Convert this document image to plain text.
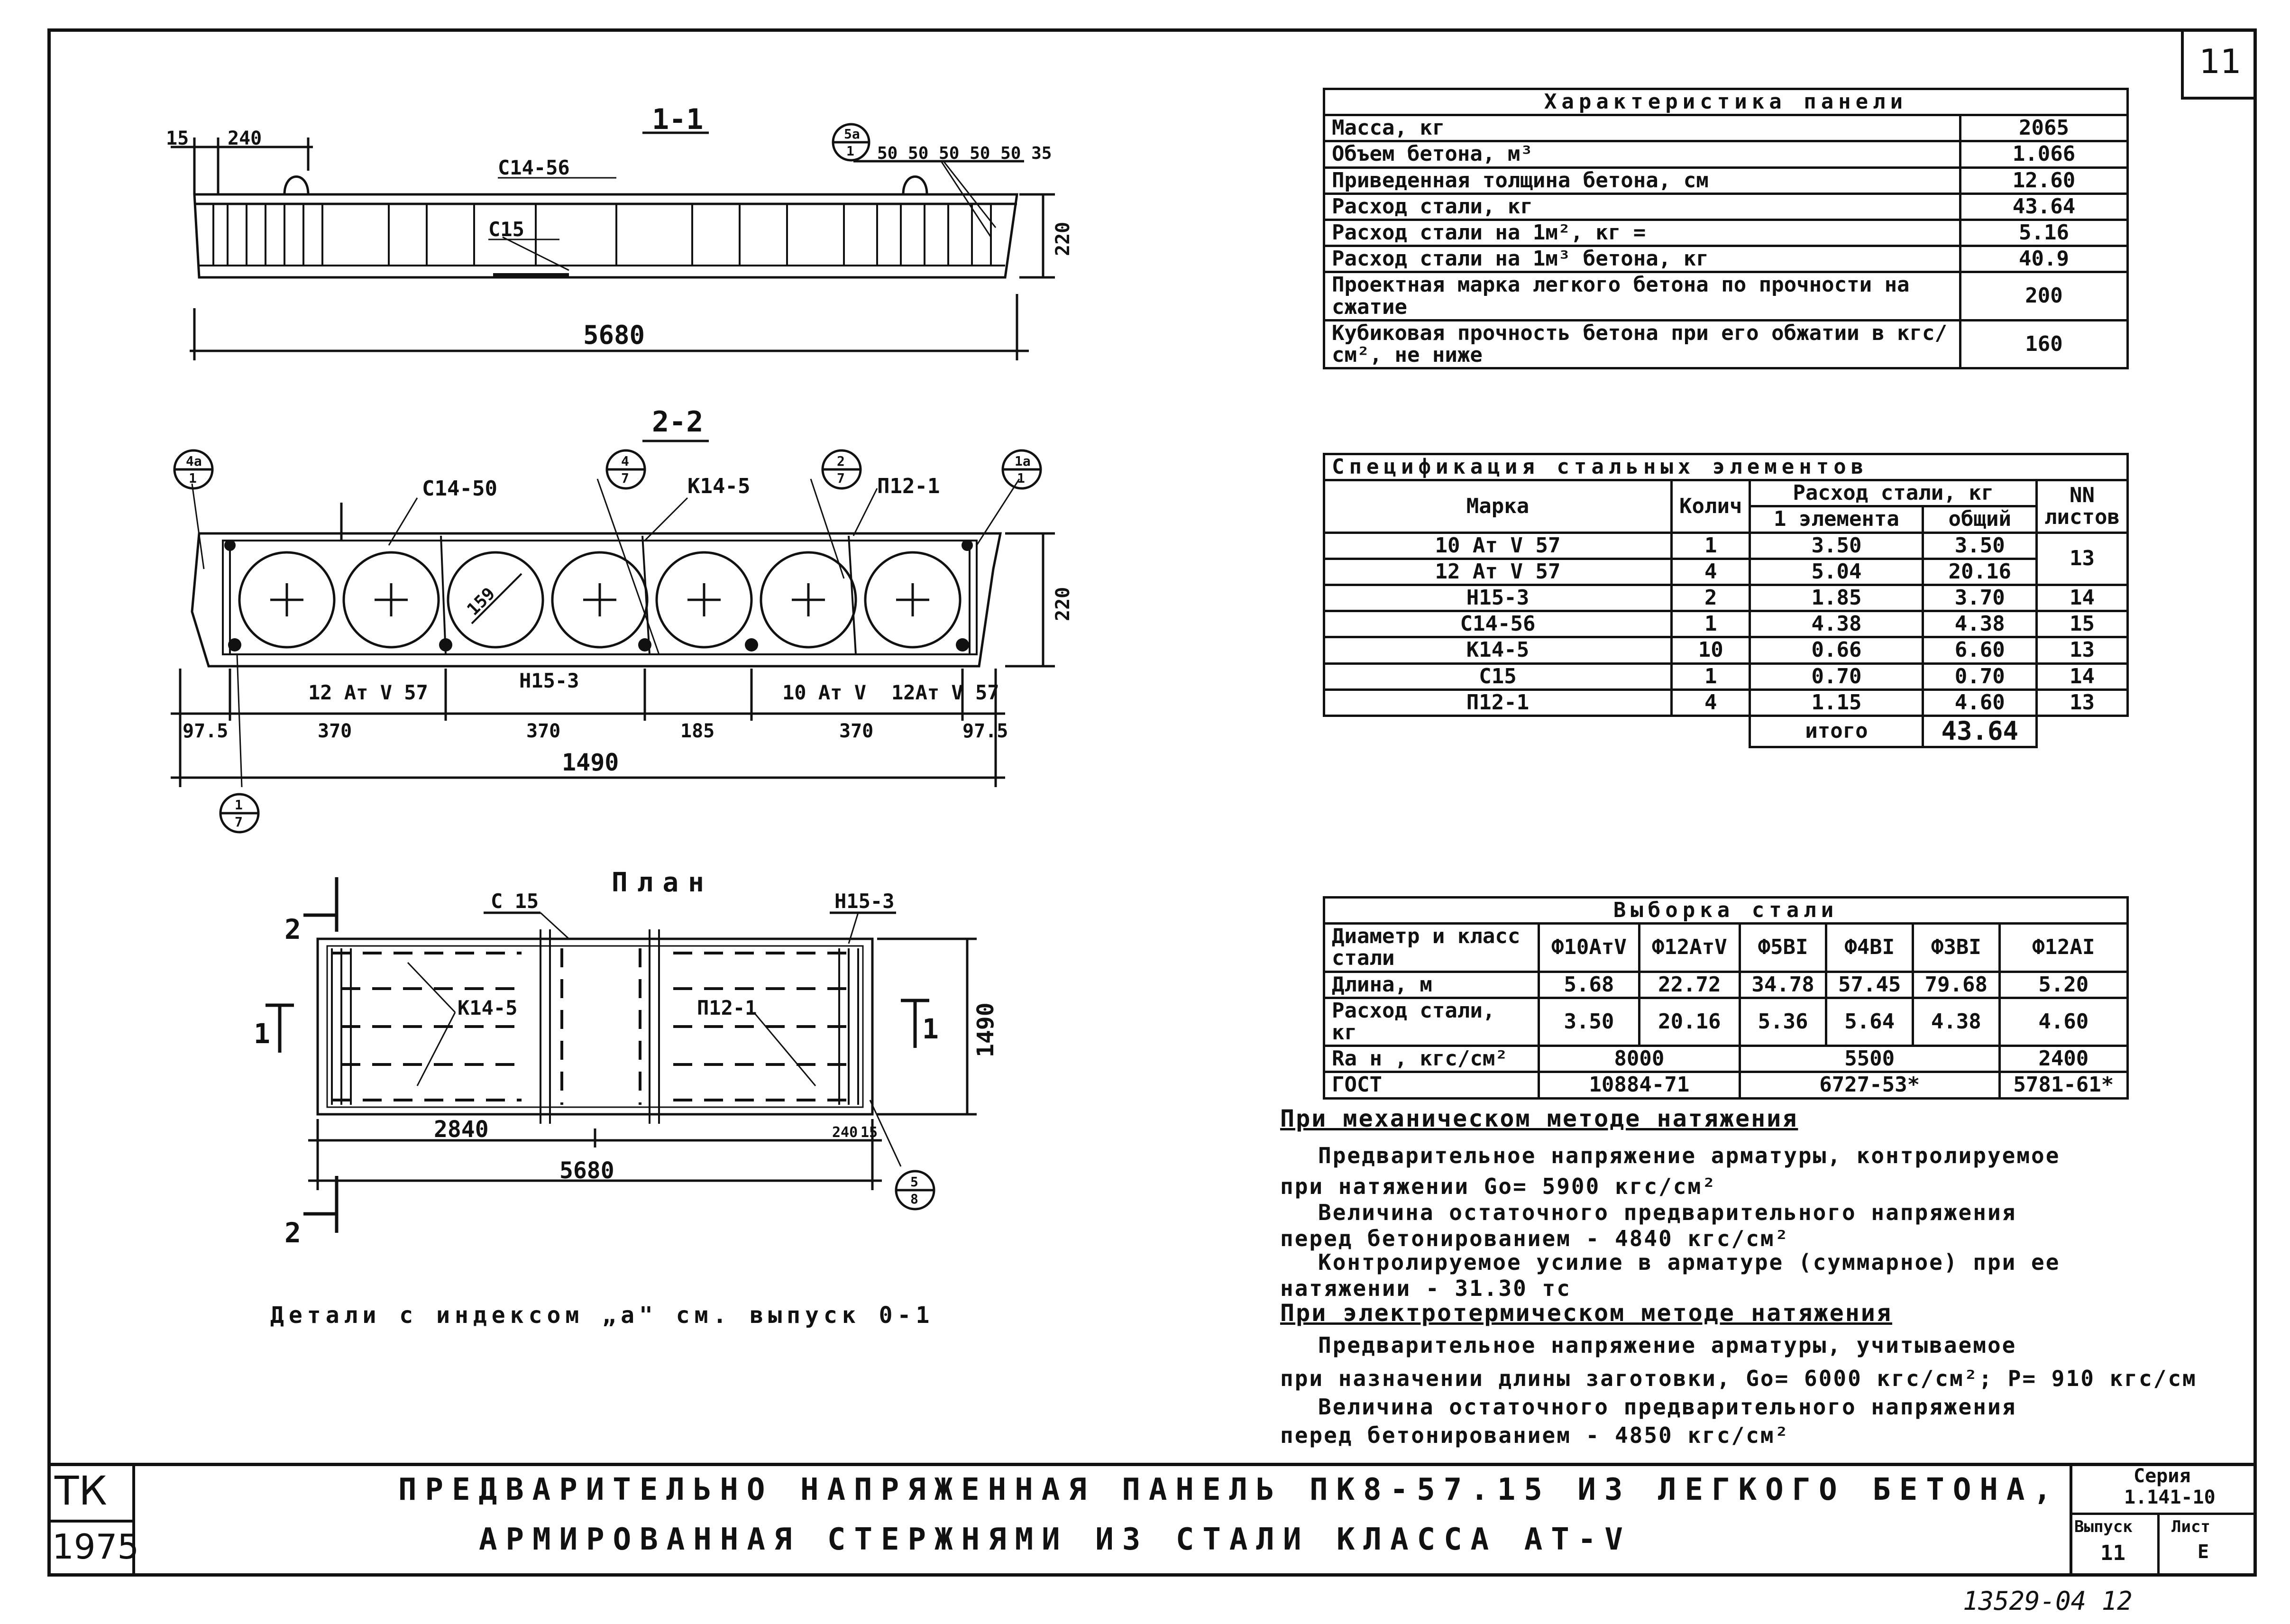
11
1-1
5680
15 240
50 50 50 50 50 35
С14-56
С15
5а
1
220
2-2
С14-50	К14-5	П12-1
159
12 Ат V 57
Н15-3
10 Ат V 12Ат V 57
97.5	370	370	185	370	97.5
1490
220
4а
1
4
7
2
7
1а
1
1
7
План
С 15	Н15-3
К14-5	П12-1
2840	240 15
5680
1490
2
2
1	1
5
8
Детали с индексом „а" см. выпуск 0-1
Характеристика панели	
Масса, кг	2065
Объем бетона, м³	1.066
Приведенная толщина бетона, см	12.60
Расход стали, кг	43.64
Расход стали на 1м², кг =	5.16
Расход стали на 1м³ бетона, кг	40.9
Проектная марка легкого бетона по прочности на сжатие	200
Кубиковая прочность бетона при его обжатии в кгс/см², не ниже	160
Спецификация стальных элементов				
Марка	Колич	Расход стали, кг		NN листов
		1 элемента	общий	
10 Ат V 57	1	3.50	3.50	13
12 Ат V 57	4	5.04	20.16	
Н15-3	2	1.85	3.70	14
С14-56	1	4.38	4.38	15
К14-5	10	0.66	6.60	13
С15	1	0.70	0.70	14
П12-1	4	1.15	4.60	13
		итого	43.64	
Выборка стали						
Диаметр и класс стали	Ф10АтV	Ф12АтV	Ф5ВI	Ф4ВI	Ф3ВI	Ф12АI
Длина, м	5.68	22.72	34.78	57.45	79.68	5.20
Расход стали, кг	3.50	20.16	5.36	5.64	4.38	4.60
Rа н , кгс/см²	8000		5500			2400
ГОСТ	10884-71		6727-53*			5781-61*
При механическом методе натяжения
Предварительное напряжение арматуры, контролируемое
при натяжении Go= 5900 кгс/см²
Величина остаточного предварительного напряжения
перед бетонированием - 4840 кгс/см²
Контролируемое усилие в арматуре (суммарное) при ее
натяжении - 31.30 тс
При электротермическом методе натяжения
Предварительное напряжение арматуры, учитываемое
при назначении длины заготовки, Go= 6000 кгс/см²; P= 910 кгс/см
Величина остаточного предварительного напряжения
перед бетонированием - 4850 кгс/см²
ТК
1975
ПРЕДВАРИТЕЛЬНО НАПРЯЖЕННАЯ ПАНЕЛЬ ПК8-57.15 ИЗ ЛЕГКОГО БЕТОНА,
АРМИРОВАННАЯ СТЕРЖНЯМИ ИЗ СТАЛИ КЛАССА АТ-V
Серия
1.141-10
Выпуск
11
Лист
Е
13529-04 12
